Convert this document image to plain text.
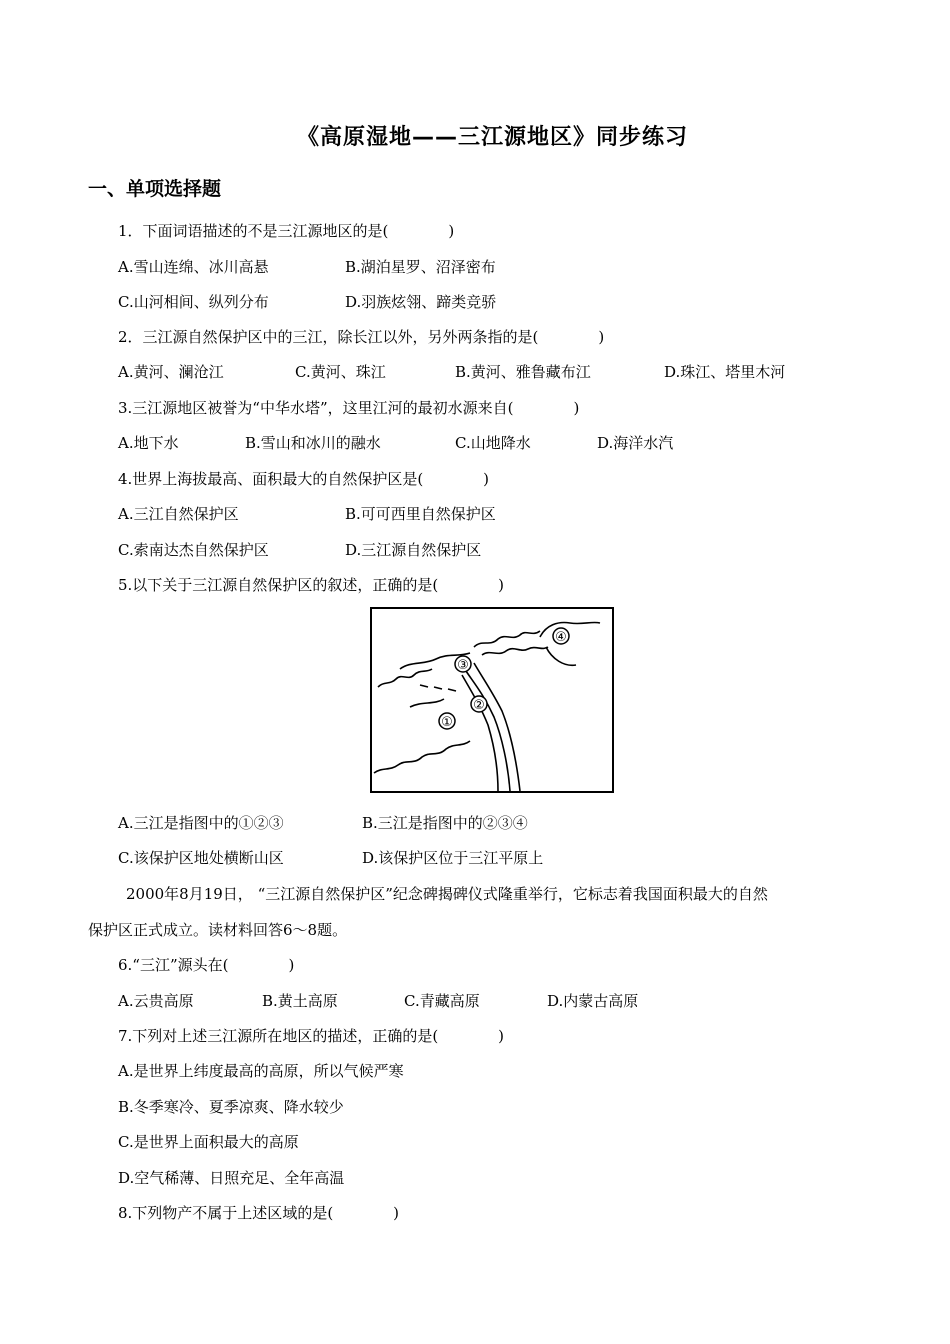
《高原湿地——三江源地区》同步练习
一、单项选择题
1．下面词语描述的不是三江源地区的是(　　　　)
A.雪山连绵、冰川高悬	B.湖泊星罗、沼泽密布
C.山河相间、纵列分布	D.羽族炫翎、蹄类竞骄
2．三江源自然保护区中的三江，除长江以外，另外两条指的是(　　　　)
A.黄河、澜沧江	C.黄河、珠江	B.黄河、雅鲁藏布江	D.珠江、塔里木河
3.三江源地区被誉为“中华水塔”，这里江河的最初水源来自(　　　　)
A.地下水	B.雪山和冰川的融水	C.山地降水	D.海洋水汽
4.世界上海拔最高、面积最大的自然保护区是(　　　　)
A.三江自然保护区	B.可可西里自然保护区
C.索南达杰自然保护区	D.三江源自然保护区
5.以下关于三江源自然保护区的叙述，正确的是(　　　　)
①
②
③
④
A.三江是指图中的①②③	B.三江是指图中的②③④
C.该保护区地处横断山区	D.该保护区位于三江平原上
2000年8月19日， “三江源自然保护区”纪念碑揭碑仪式隆重举行，它标志着我国面积最大的自然
保护区正式成立。读材料回答6～8题。
6.“三江”源头在(　　　　)
A.云贵高原	B.黄土高原	C.青藏高原	D.内蒙古高原
7.下列对上述三江源所在地区的描述，正确的是(　　　　)
A.是世界上纬度最高的高原，所以气候严寒
B.冬季寒冷、夏季凉爽、降水较少
C.是世界上面积最大的高原
D.空气稀薄、日照充足、全年高温
8.下列物产不属于上述区域的是(　　　　)
